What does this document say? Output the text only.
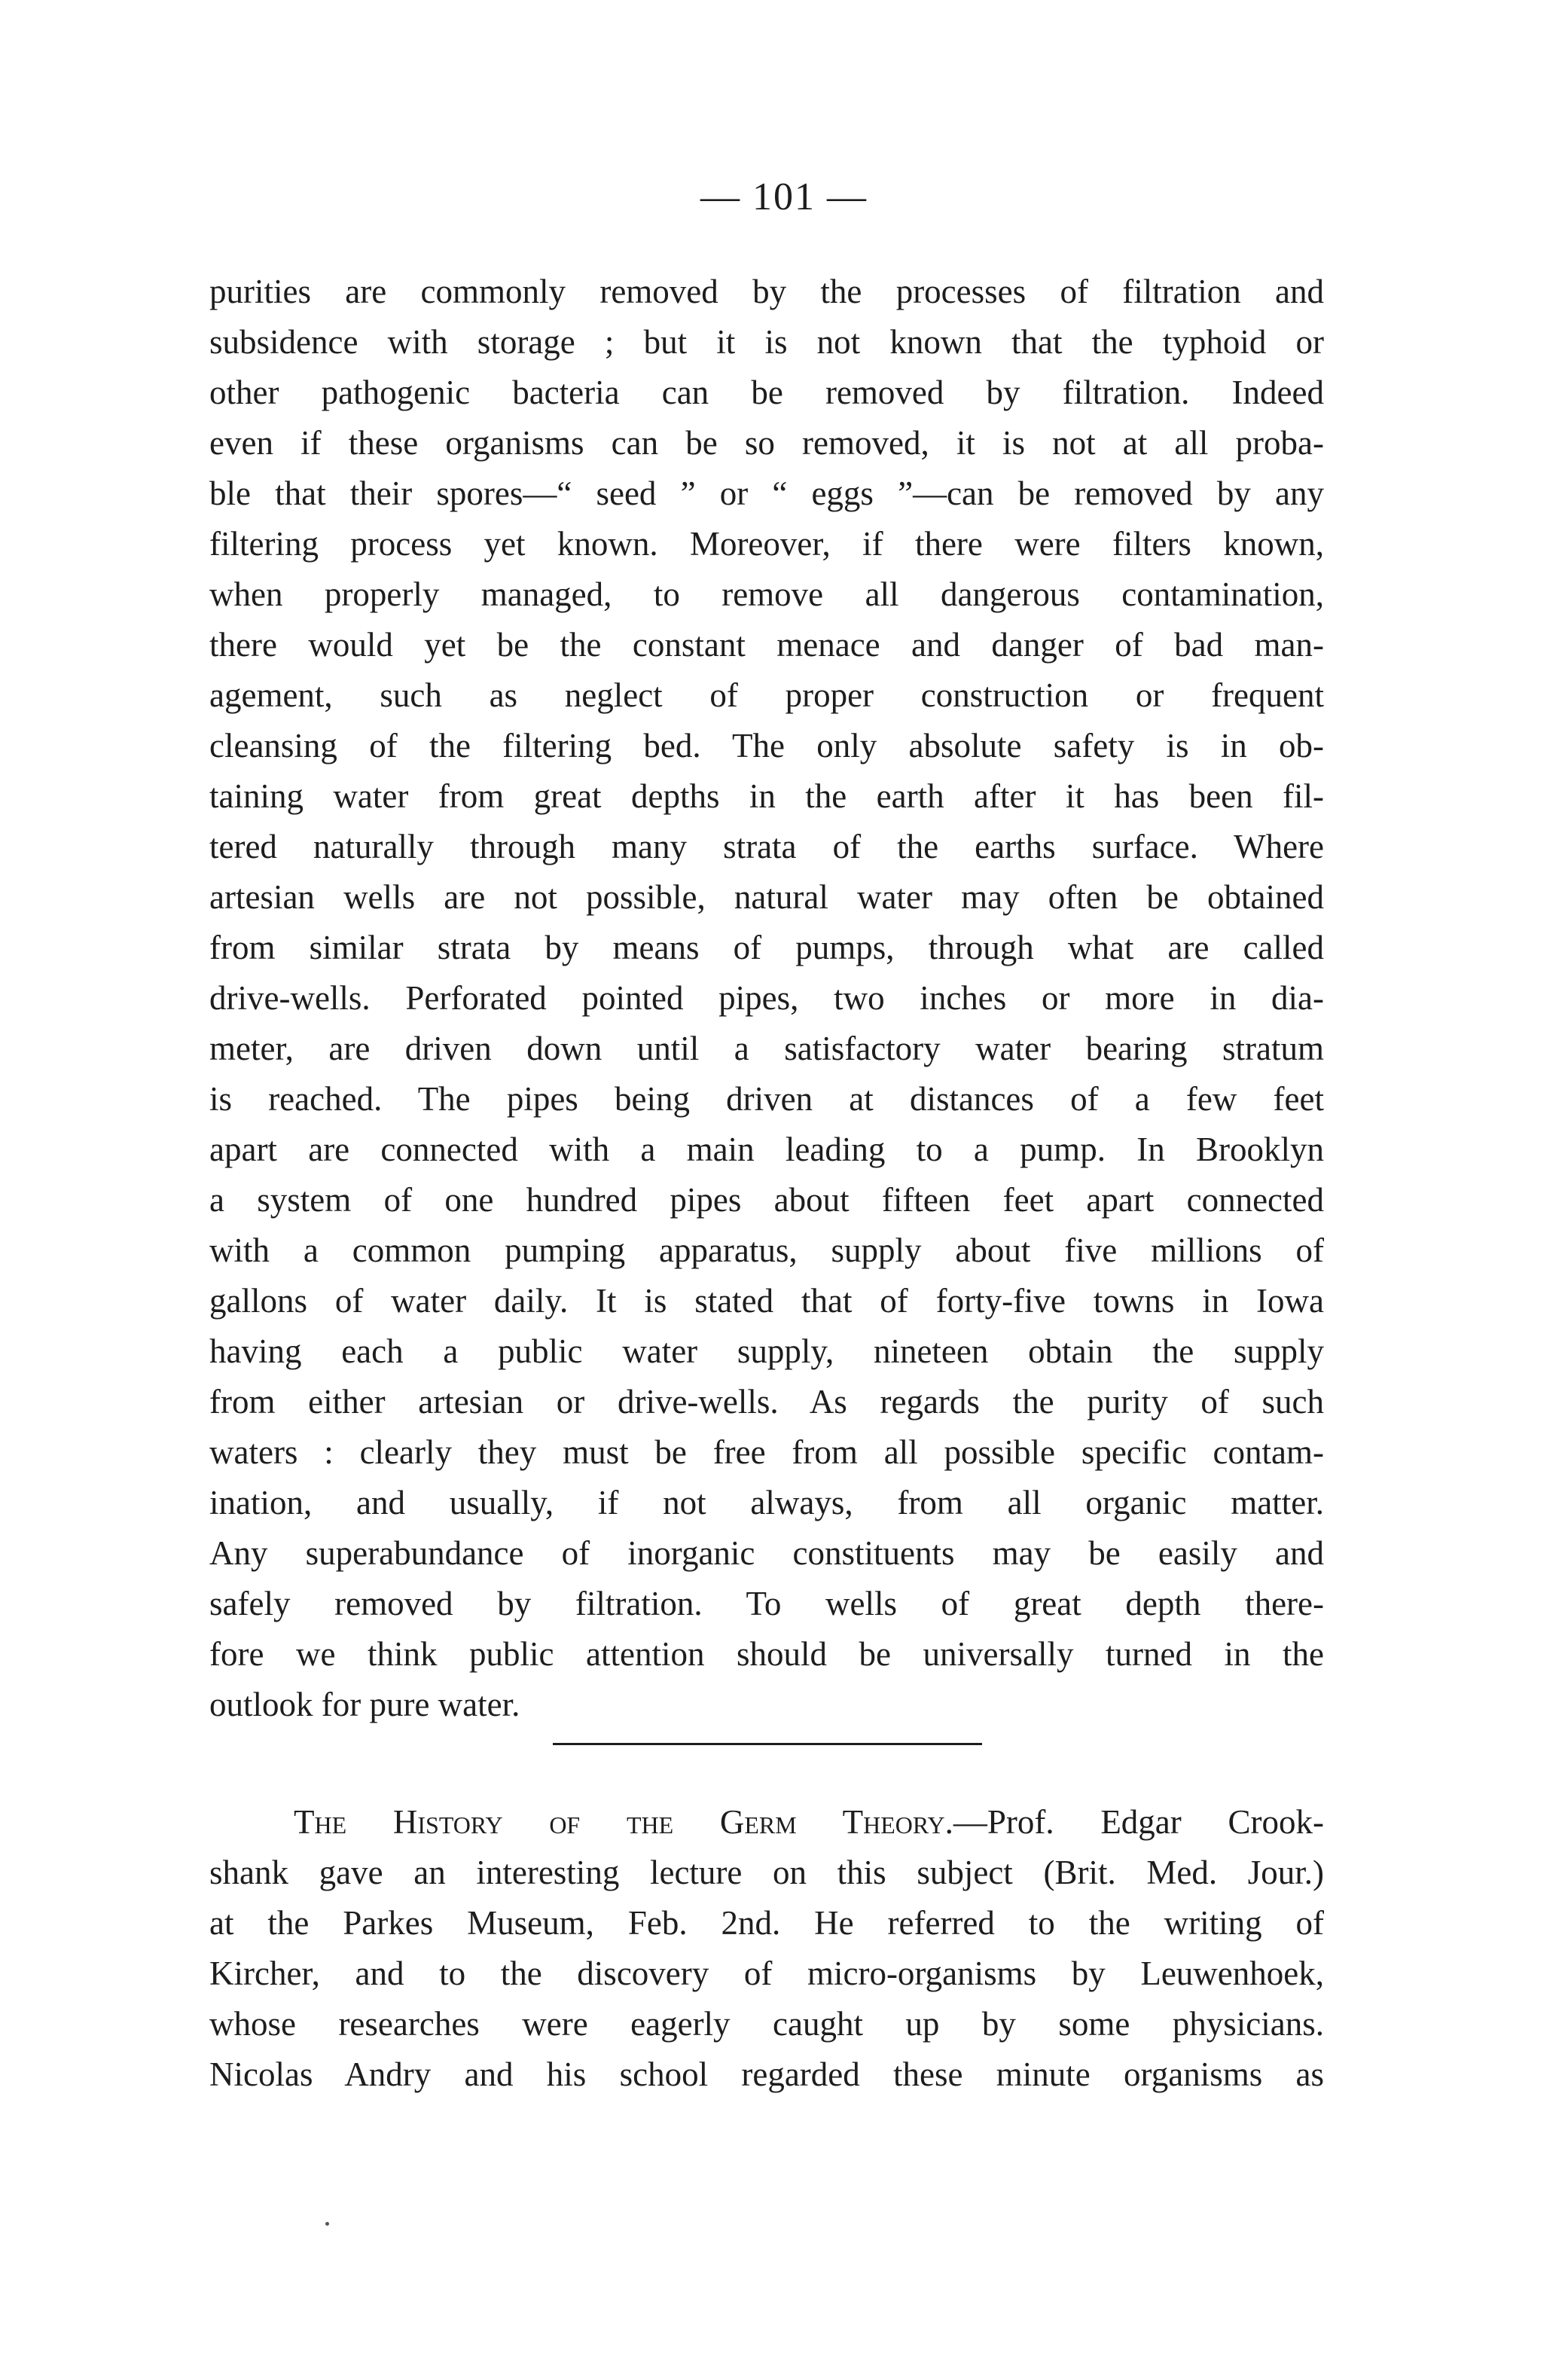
— 101 —

purities are commonly removed by the processes of filtration and

subsidence with storage ; but it is not known that the typhoid or

other pathogenic bacteria can be removed by filtration. Indeed

even if these organisms can be so removed, it is not at all proba-

ble that their spores—“ seed ” or “ eggs ”—can be removed by any

filtering process yet known. Moreover, if there were filters known,

when properly managed, to remove all dangerous contamination,

there would yet be the constant menace and danger of bad man-

agement, such as neglect of proper construction or frequent

cleansing of the filtering bed. The only absolute safety is in ob-

taining water from great depths in the earth after it has been fil-

tered naturally through many strata of the earths surface. Where

artesian wells are not possible, natural water may often be obtained

from similar strata by means of pumps, through what are called

drive-wells. Perforated pointed pipes, two inches or more in dia-

meter, are driven down until a satisfactory water bearing stratum

is reached. The pipes being driven at distances of a few feet

apart are connected with a main leading to a pump. In Brooklyn

a system of one hundred pipes about fifteen feet apart connected

with a common pumping apparatus, supply about five millions of

gallons of water daily. It is stated that of forty-five towns in Iowa

having each a public water supply, nineteen obtain the supply

from either artesian or drive-wells. As regards the purity of such

waters : clearly they must be free from all possible specific contam-

ination, and usually, if not always, from all organic matter.

Any superabundance of inorganic constituents may be easily and

safely removed by filtration. To wells of great depth there-

fore we think public attention should be universally turned in the

outlook for pure water.

The History of the Germ Theory.—Prof. Edgar Crook-

shank gave an interesting lecture on this subject (Brit. Med. Jour.)

at the Parkes Museum, Feb. 2nd. He referred to the writing of

Kircher, and to the discovery of micro-organisms by Leuwenhoek,

whose researches were eagerly caught up by some physicians.

Nicolas Andry and his school regarded these minute organisms as
